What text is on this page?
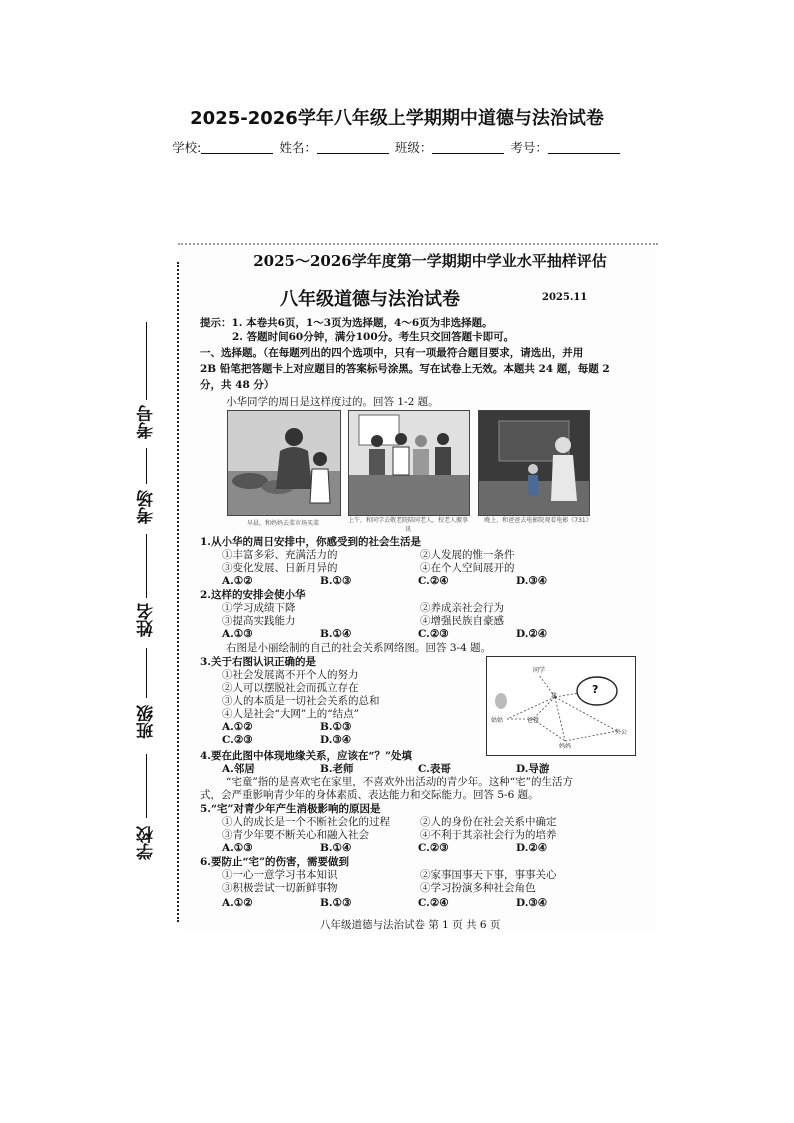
2025-2026学年八年级上学期期中道德与法治试卷
学校:	姓名：	班级：	考号：
考号
考场
姓名
班级
学校
2025～2026学年度第一学期期中学业水平抽样评估
八年级道德与法治试卷	2025.11
提示：1. 本卷共6页，1～3页为选择题，4～6页为非选择题。
2. 答题时间60分钟，满分100分。考生只交回答题卡即可。
一、选择题。（在每题列出的四个选项中，只有一项最符合题目要求，请选出，并用
2B 铅笔把答题卡上对应题目的答案标号涂黑。写在试卷上无效。本题共 24 题，每题 2
分，共 48 分）
小华同学的周日是这样度过的。回答 1-2 题。
早晨，和妈妈去菜市场买菜	上午，和同学去敬老院陪同老人，校老人搬事讯
晚上，和爸爸去电影院观看电影《731》
1.从小华的周日安排中，你感受到的社会生活是
①丰富多彩、充满活力的	②人发展的惟一条件
③变化发展、日新月异的	④在个人空间展开的
A.①②	B.①③	C.②④	D.③④
2.这样的安排会使小华
①学习成绩下降	②养成亲社会行为
③提高实践能力	④增强民族自豪感
A.①③	B.①④	C.②③	D.②④
右图是小丽绘制的自己的社会关系网络图。回答 3-4 题。
3.关于右图认识正确的是
①社会发展离不开个人的努力
②人可以摆脱社会而孤立存在
③人的本质是一切社会关系的总和
④人是社会“大网”上的“结点”
A.①②	B.①③
C.②③	D.③④
同学
我
?
姑姑	爸爸
妈妈
外公
4.要在此图中体现地缘关系，应该在“？”处填
A.邻居	B.老师	C.表哥	D.导游
“宅童”指的是喜欢宅在家里，不喜欢外出活动的青少年。这种“宅”的生活方
式，会严重影响青少年的身体素质、表达能力和交际能力。回答 5-6 题。
5.“宅”对青少年产生消极影响的原因是
①人的成长是一个不断社会化的过程	②人的身份在社会关系中确定
③青少年要不断关心和融入社会	④不利于其亲社会行为的培养
A.①③	B.①④	C.②③	D.②④
6.要防止“宅”的伤害，需要做到
①一心一意学习书本知识	②家事国事天下事，事事关心
③积极尝试一切新鲜事物	④学习扮演多种社会角色
A.①②	B.①③	C.②④	D.③④
八年级道德与法治试卷 第 1 页 共 6 页
